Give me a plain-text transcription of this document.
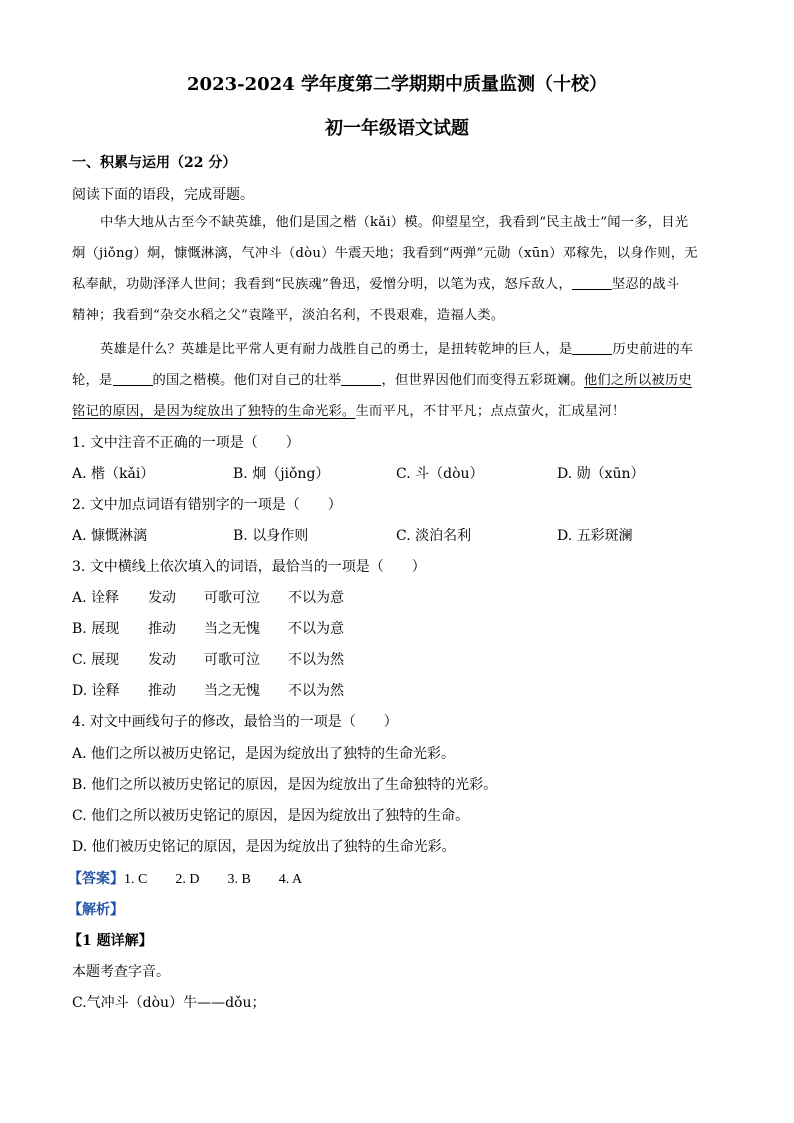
2023-2024 学年度第二学期期中质量监测（十校）
初一年级语文试题
一、积累与运用（22 分）
阅读下面的语段，完成哥题。
中华大地从古至今不缺英雄，他们是国之楷（kǎi）模。仰望星空，我看到“民主战士”闻一多，目光
炯（jiǒng）炯，慷慨淋漓，气冲斗（dòu）牛震天地；我看到“两弹”元勋（xūn）邓稼先，以身作则，无
私奉献，功勋泽泽人世间；我看到“民族魂”鲁迅，爱憎分明，以笔为戎，怒斥敌人，	坚忍的战斗
精神；我看到“杂交水稻之父”袁隆平，淡泊名利，不畏艰难，造福人类。
英雄是什么？英雄是比平常人更有耐力战胜自己的勇士，是扭转乾坤的巨人，是	历史前进的车
轮，是	的国之楷模。他们对自己的壮举	，但世界因他们而变得五彩斑斓。他们之所以被历史
铭记的原因，是因为绽放出了独特的生命光彩。生而平凡，不甘平凡；点点萤火，汇成星河！
1. 文中注音不正确的一项是（　　）
A. 楷（kǎi）	B. 炯（jiǒng）	C. 斗（dòu）	D. 勋（xūn）
2. 文中加点词语有错别字的一项是（　　）
A. 慷慨淋漓	B. 以身作则	C. 淡泊名利	D. 五彩斑澜
3. 文中横线上依次填入的词语，最恰当的一项是（　　）
A. 诠释 发动 可歌可泣 不以为意
B. 展现 推动 当之无愧 不以为意
C. 展现 发动 可歌可泣 不以为然
D. 诠释 推动 当之无愧 不以为然
4. 对文中画线句子的修改，最恰当的一项是（　　）
A. 他们之所以被历史铭记，是因为绽放出了独特的生命光彩。
B. 他们之所以被历史铭记的原因，是因为绽放出了生命独特的光彩。
C. 他们之所以被历史铭记的原因，是因为绽放出了独特的生命。
D. 他们被历史铭记的原因，是因为绽放出了独特的生命光彩。
【答案】1. C　　2. D　　3. B　　4. A
【解析】
【1 题详解】
本题考查字音。
C.气冲斗（dòu）牛——dǒu；
